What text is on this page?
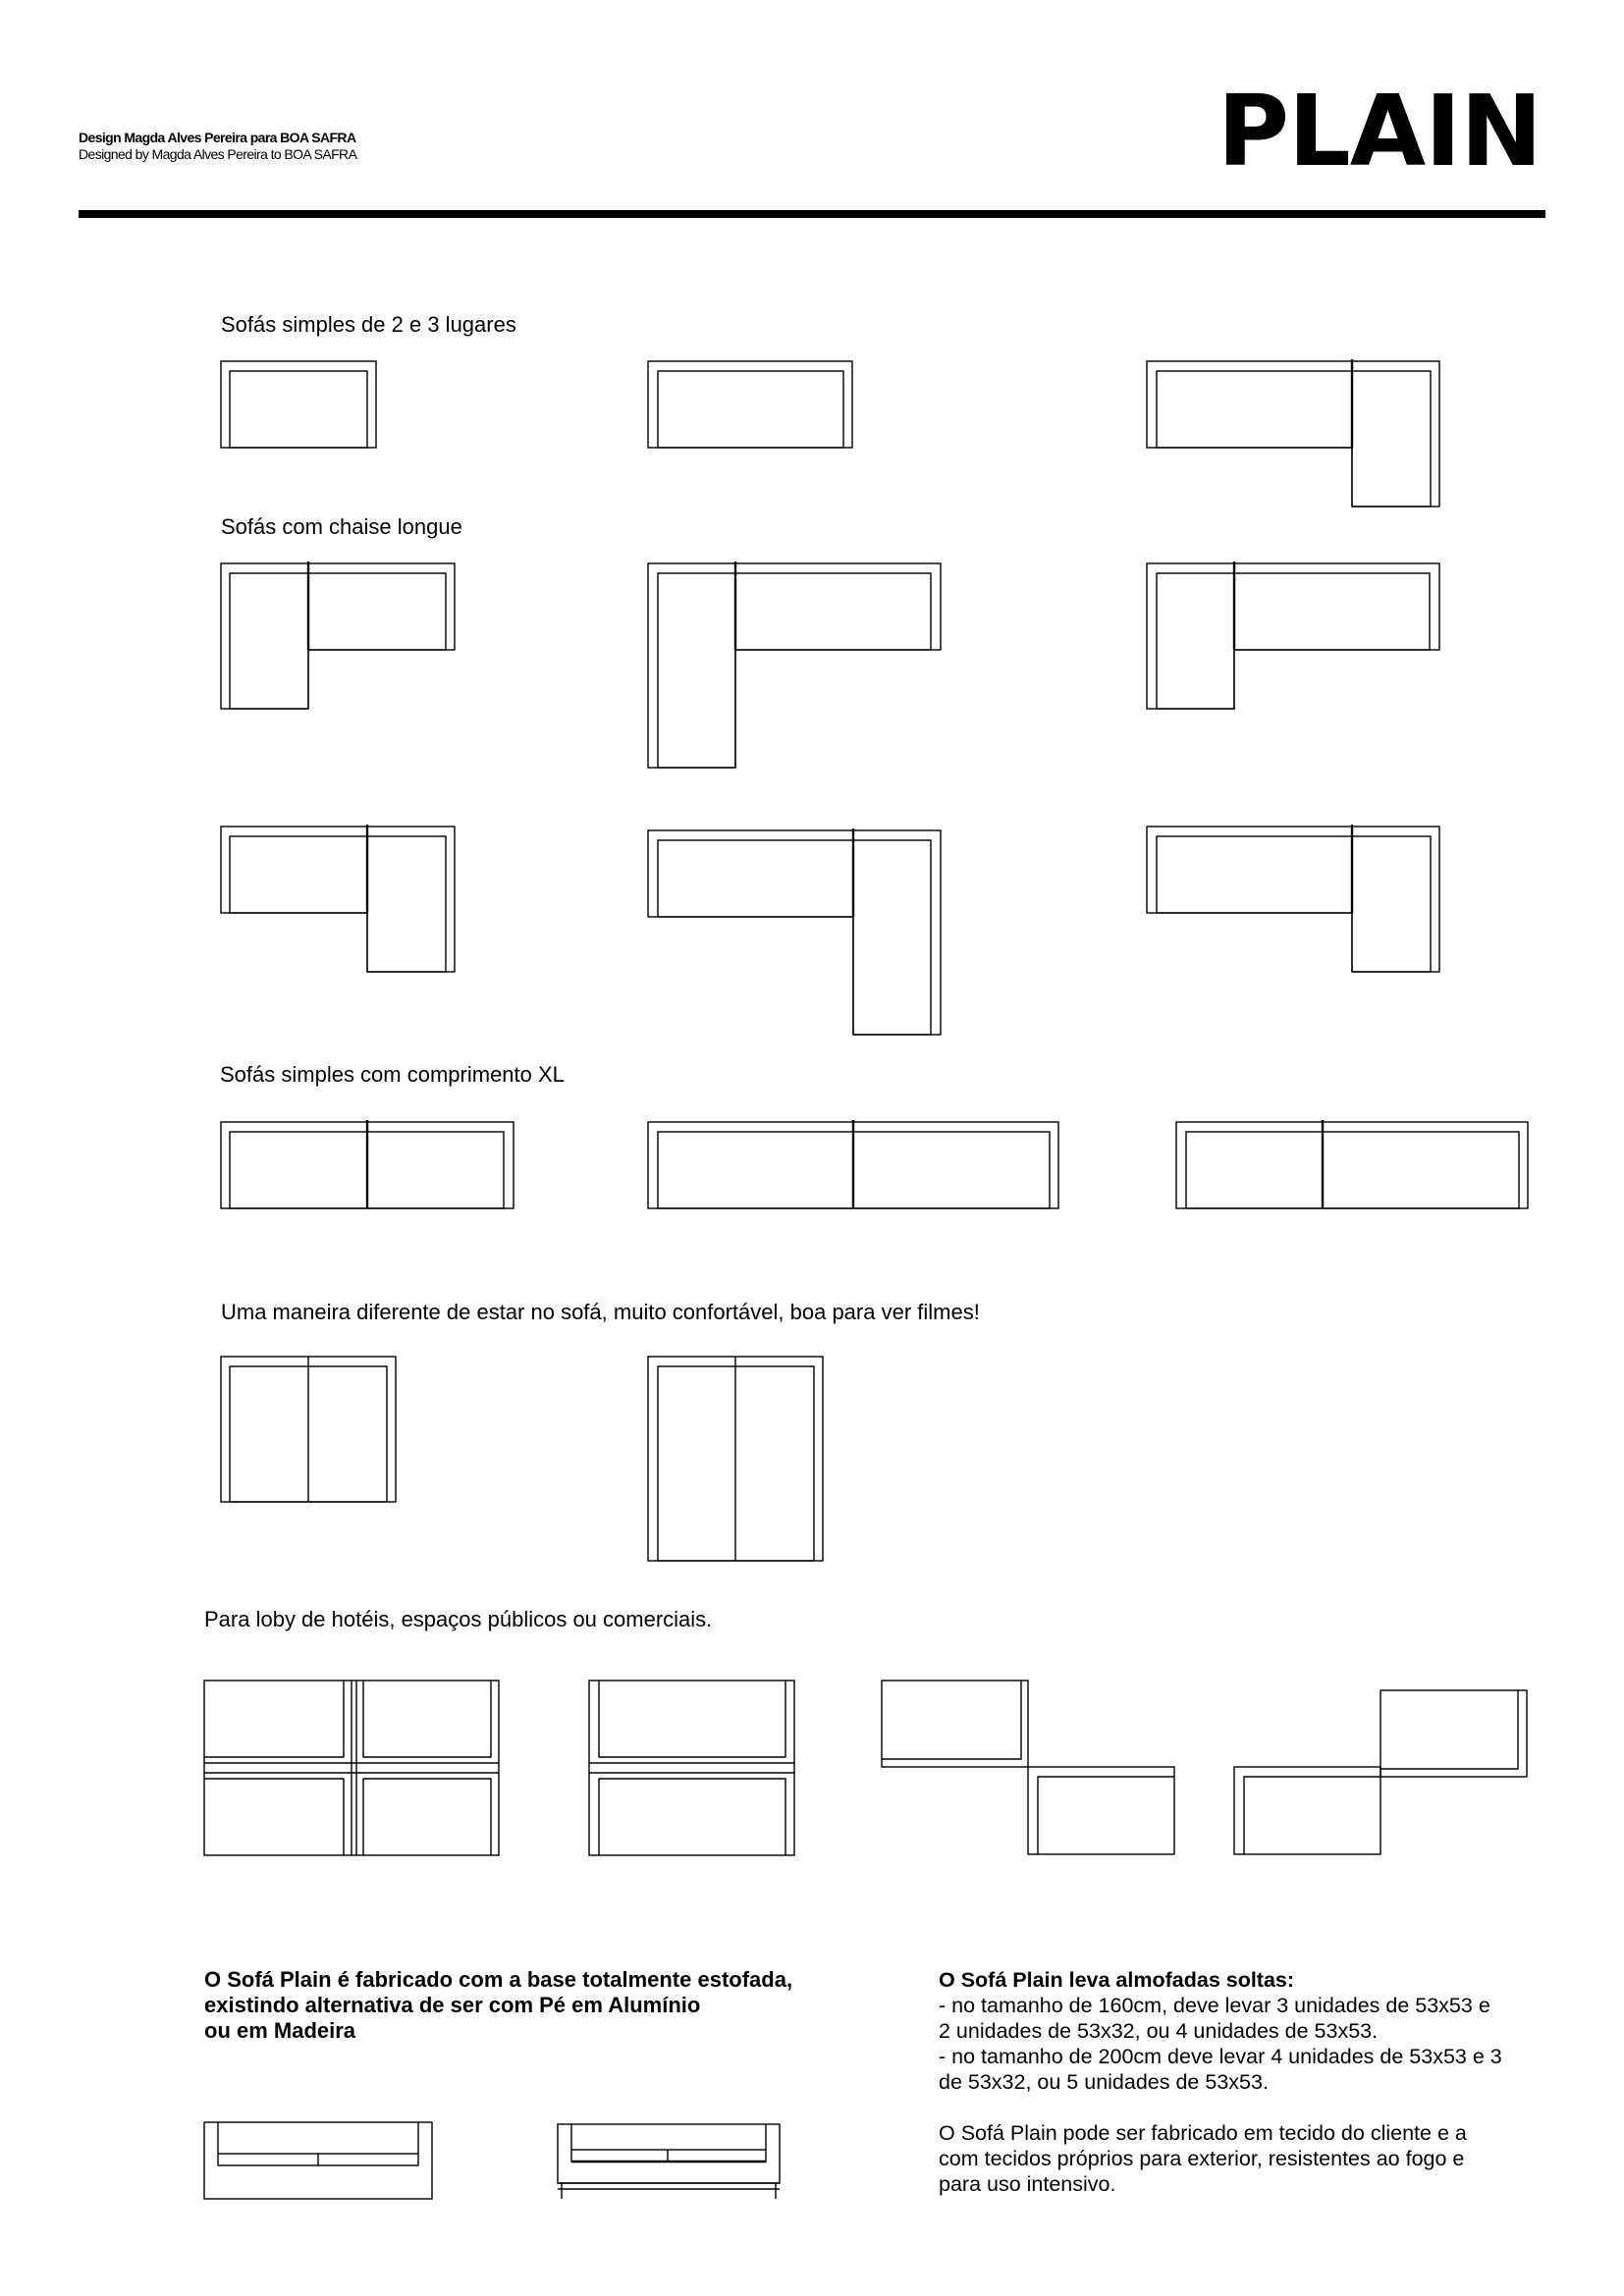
Design Magda Alves Pereira para BOA SAFRA
Designed by Magda Alves Pereira to BOA SAFRA	PLAIN
Sofás simples de 2 e 3 lugares
Sofás com chaise longue
Sofás simples com comprimento XL
Uma maneira diferente de estar no sofá, muito confortável, boa para ver filmes!
Para loby de hotéis, espaços públicos ou comerciais.
O Sofá Plain é fabricado com a base totalmente estofada,
existindo alternativa de ser com Pé em Alumínio
ou em Madeira
O Sofá Plain leva almofadas soltas:
- no tamanho de 160cm, deve levar 3 unidades de 53x53 e
2 unidades de 53x32, ou 4 unidades de 53x53.
- no tamanho de 200cm deve levar 4 unidades de 53x53 e 3
de 53x32, ou 5 unidades de 53x53.
O Sofá Plain pode ser fabricado em tecido do cliente e a
com tecidos próprios para exterior, resistentes ao fogo e
para uso intensivo.
